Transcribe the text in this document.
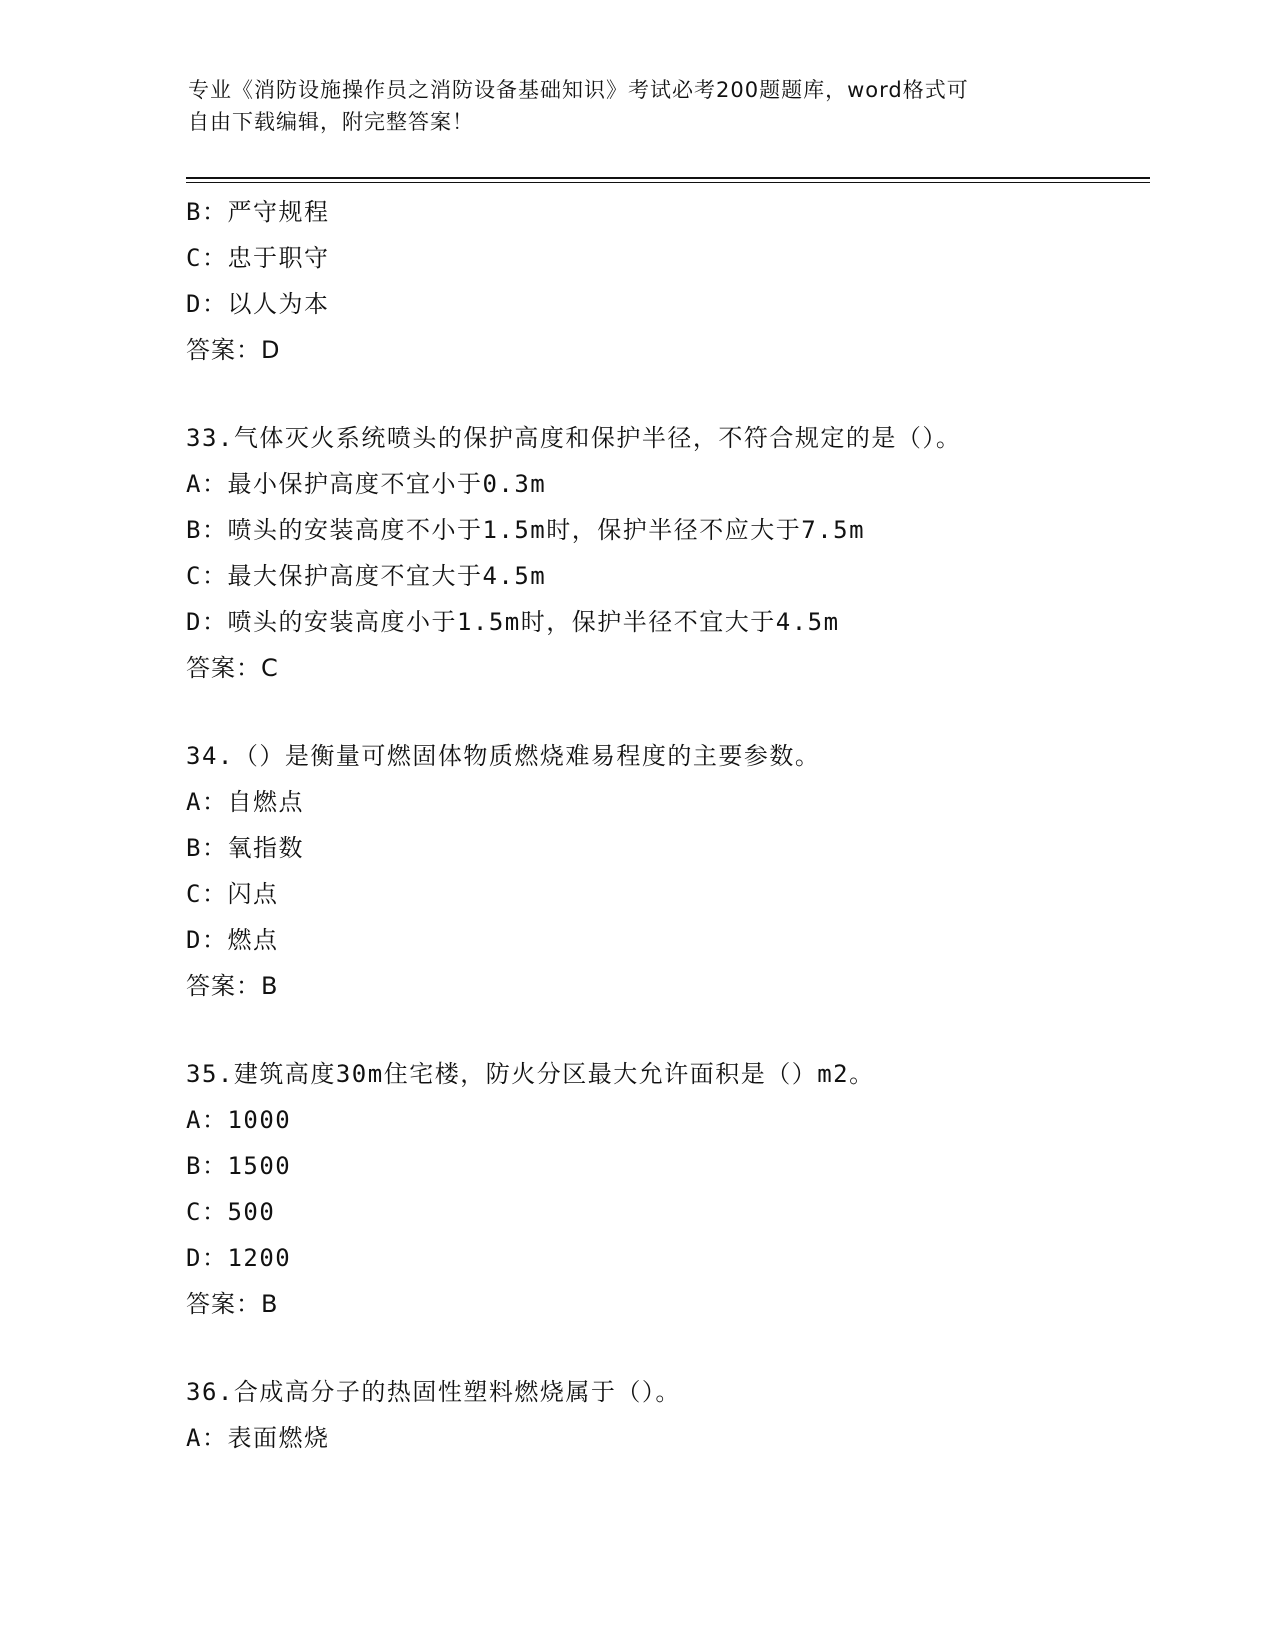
专业《消防设施操作员之消防设备基础知识》考试必考200题题库，word格式可
自由下载编辑，附完整答案！
B：严守规程
C：忠于职守
D：以人为本
答案：D
33.气体灭火系统喷头的保护高度和保护半径，不符合规定的是（）。
A：最小保护高度不宜小于0.3m
B：喷头的安装高度不小于1.5m时，保护半径不应大于7.5m
C：最大保护高度不宜大于4.5m
D：喷头的安装高度小于1.5m时，保护半径不宜大于4.5m
答案：C
34.（）是衡量可燃固体物质燃烧难易程度的主要参数。
A：自燃点
B：氧指数
C：闪点
D：燃点
答案：B
35.建筑高度30m住宅楼，防火分区最大允许面积是（）m2。
A：1000
B：1500
C：500
D：1200
答案：B
36.合成高分子的热固性塑料燃烧属于（）。
A：表面燃烧
